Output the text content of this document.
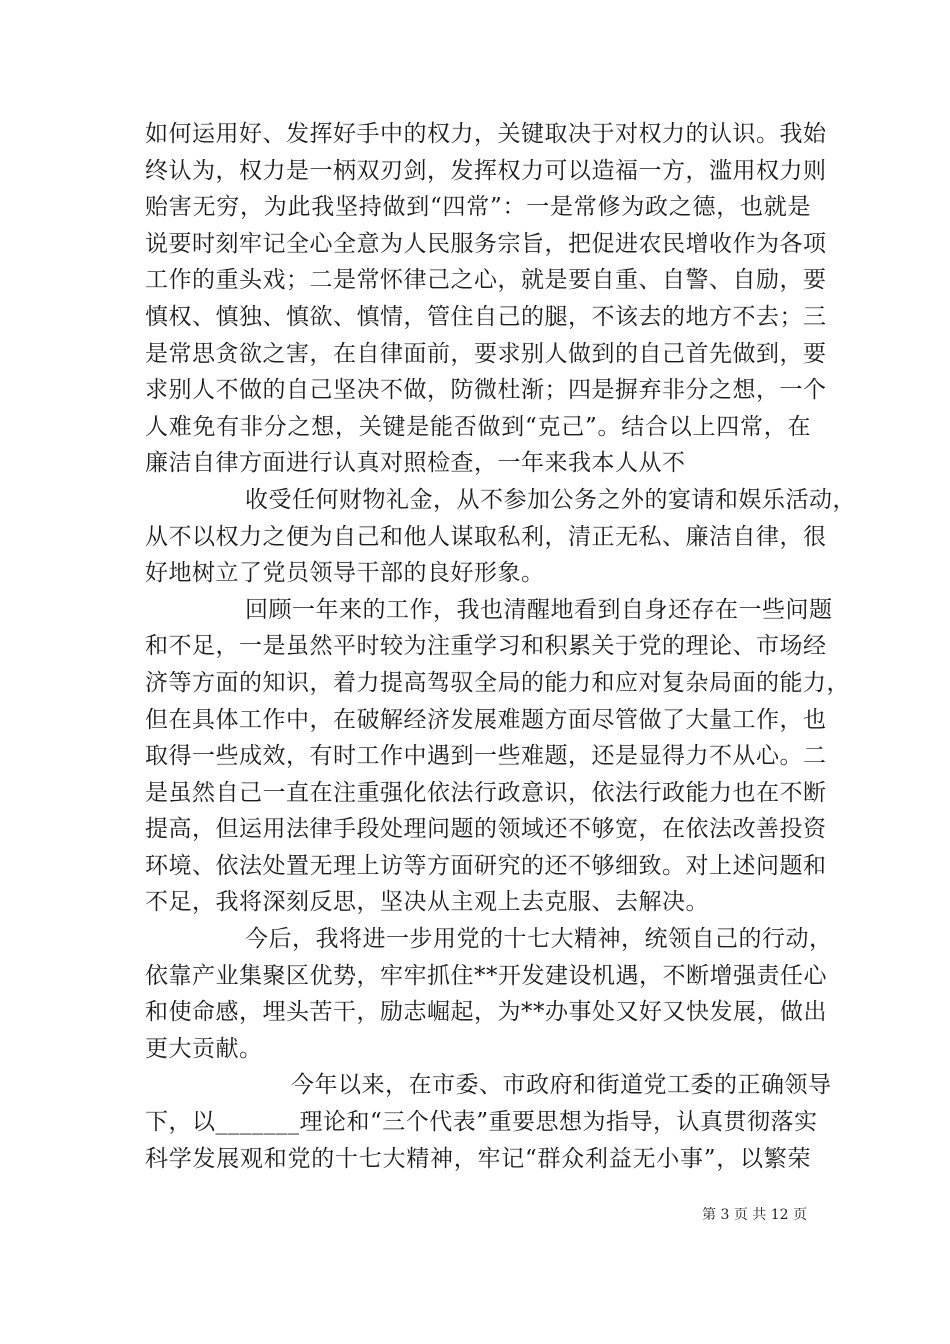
如何运用好、发挥好手中的权力，关键取决于对权力的认识。我始
终认为，权力是一柄双刃剑，发挥权力可以造福一方，滥用权力则
贻害无穷，为此我坚持做到“四常”：一是常修为政之德，也就是
说要时刻牢记全心全意为人民服务宗旨，把促进农民增收作为各项
工作的重头戏；二是常怀律己之心，就是要自重、自警、自励，要
慎权、慎独、慎欲、慎情，管住自己的腿，不该去的地方不去；三
是常思贪欲之害，在自律面前，要求别人做到的自己首先做到，要
求别人不做的自己坚决不做，防微杜渐；四是摒弃非分之想，一个
人难免有非分之想，关键是能否做到“克己”。结合以上四常，在
廉洁自律方面进行认真对照检查，一年来我本人从不
收受任何财物礼金，从不参加公务之外的宴请和娱乐活动，
从不以权力之便为自己和他人谋取私利，清正无私、廉洁自律，很
好地树立了党员领导干部的良好形象。
回顾一年来的工作，我也清醒地看到自身还存在一些问题
和不足，一是虽然平时较为注重学习和积累关于党的理论、市场经
济等方面的知识，着力提高驾驭全局的能力和应对复杂局面的能力，
但在具体工作中，在破解经济发展难题方面尽管做了大量工作，也
取得一些成效，有时工作中遇到一些难题，还是显得力不从心。二
是虽然自己一直在注重强化依法行政意识，依法行政能力也在不断
提高，但运用法律手段处理问题的领域还不够宽，在依法改善投资
环境、依法处置无理上访等方面研究的还不够细致。对上述问题和
不足，我将深刻反思，坚决从主观上去克服、去解决。
今后，我将进一步用党的十七大精神，统领自己的行动，
依靠产业集聚区优势，牢牢抓住**开发建设机遇，不断增强责任心
和使命感，埋头苦干，励志崛起，为**办事处又好又快发展，做出
更大贡献。
今年以来，在市委、市政府和街道党工委的正确领导
下，以_______理论和“三个代表”重要思想为指导，认真贯彻落实
科学发展观和党的十七大精神，牢记“群众利益无小事”，以繁荣
第 3 页 共 12 页
